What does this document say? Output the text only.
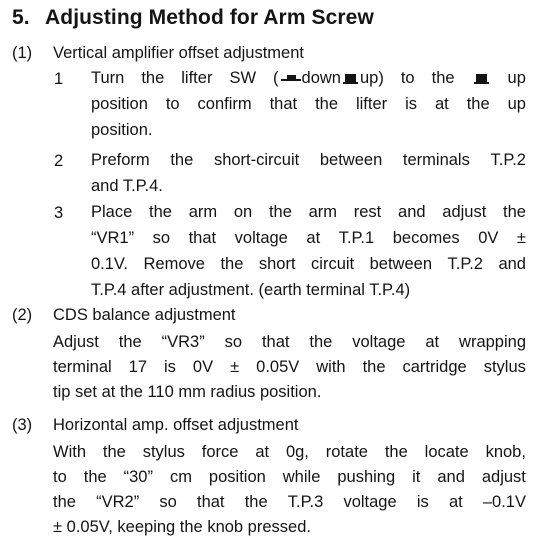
5. Adjusting Method for Arm Screw
(1) Vertical amplifier offset adjustment
1 Turn the lifter SW ( down up) to the	up
position to confirm that the lifter is at the up
position.
2 Preform the short-circuit between terminals T.P.2
and T.P.4.
3 Place the arm on the arm rest and adjust the
“VR1” so that voltage at T.P.1 becomes 0V ±
0.1V. Remove the short circuit between T.P.2 and
T.P.4 after adjustment. (earth terminal T.P.4)
(2) CDS balance adjustment
Adjust the “VR3” so that the voltage at wrapping
terminal 17 is 0V ± 0.05V with the cartridge stylus
tip set at the 110 mm radius position.
(3) Horizontal amp. offset adjustment
With the stylus force at 0g, rotate the locate knob,
to the “30” cm position while pushing it and adjust
the “VR2” so that the T.P.3 voltage is at –0.1V
± 0.05V, keeping the knob pressed.
